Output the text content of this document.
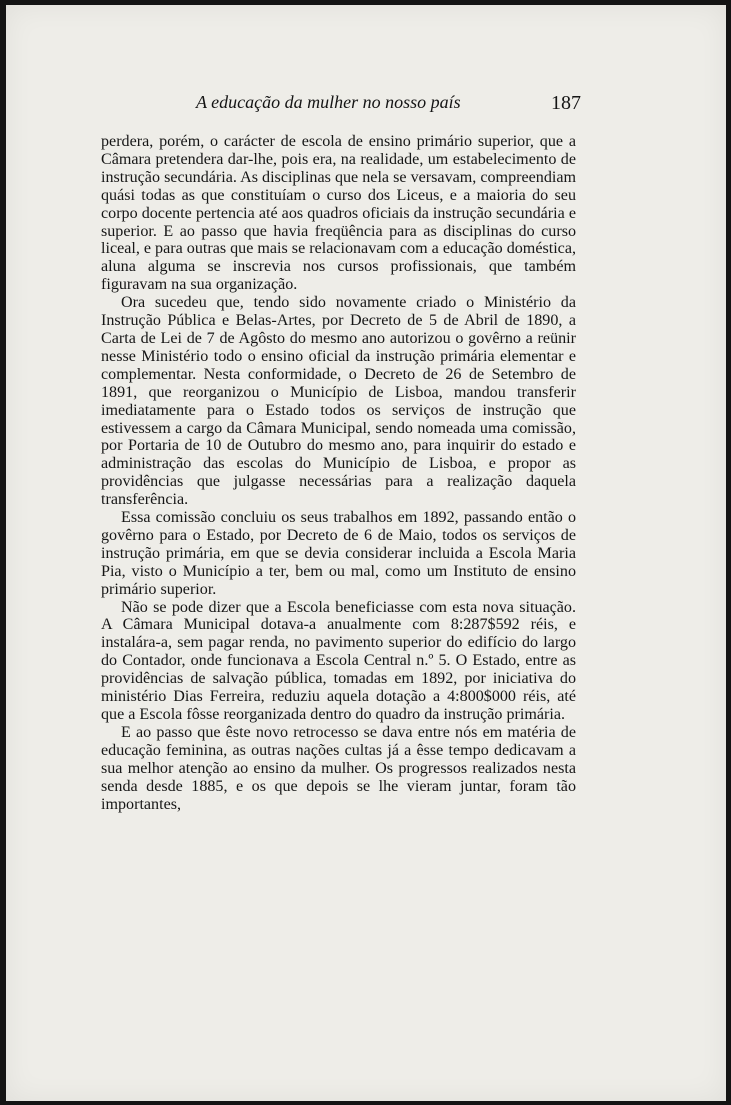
A educação da mulher no nosso país	187

perdera, porém, o carácter de escola de ensino primário superior, que a Câmara pretendera dar-lhe, pois era, na realidade, um estabelecimento de instrução secundária. As disciplinas que nela se versavam, compreendiam quási todas as que constituíam o curso dos Liceus, e a maioria do seu corpo docente pertencia até aos quadros oficiais da instrução secundária e superior. E ao passo que havia freqüência para as disciplinas do curso liceal, e para outras que mais se relacionavam com a educação doméstica, aluna alguma se inscrevia nos cursos profissionais, que também figuravam na sua organização.

Ora sucedeu que, tendo sido novamente criado o Ministério da Instrução Pública e Belas-Artes, por Decreto de 5 de Abril de 1890, a Carta de Lei de 7 de Agôsto do mesmo ano autorizou o govêrno a reünir nesse Ministério todo o ensino oficial da instrução primária elementar e complementar. Nesta conformidade, o Decreto de 26 de Setembro de 1891, que reorganizou o Município de Lisboa, mandou transferir imediatamente para o Estado todos os serviços de instrução que estivessem a cargo da Câmara Municipal, sendo nomeada uma comissão, por Portaria de 10 de Outubro do mesmo ano, para inquirir do estado e administração das escolas do Município de Lisboa, e propor as providências que julgasse necessárias para a realização daquela transferência.

Essa comissão concluiu os seus trabalhos em 1892, passando então o govêrno para o Estado, por Decreto de 6 de Maio, todos os serviços de instrução primária, em que se devia considerar incluida a Escola Maria Pia, visto o Município a ter, bem ou mal, como um Instituto de ensino primário superior.

Não se pode dizer que a Escola beneficiasse com esta nova situação. A Câmara Municipal dotava-a anualmente com 8:287$592 réis, e instalára-a, sem pagar renda, no pavimento superior do edifício do largo do Contador, onde funcionava a Escola Central n.º 5. O Estado, entre as providências de salvação pública, tomadas em 1892, por iniciativa do ministério Dias Ferreira, reduziu aquela dotação a 4:800$000 réis, até que a Escola fôsse reorganizada dentro do quadro da instrução primária.

E ao passo que êste novo retrocesso se dava entre nós em matéria de educação feminina, as outras nações cultas já a êsse tempo dedicavam a sua melhor atenção ao ensino da mulher. Os progressos realizados nesta senda desde 1885, e os que depois se lhe vieram juntar, foram tão importantes,
